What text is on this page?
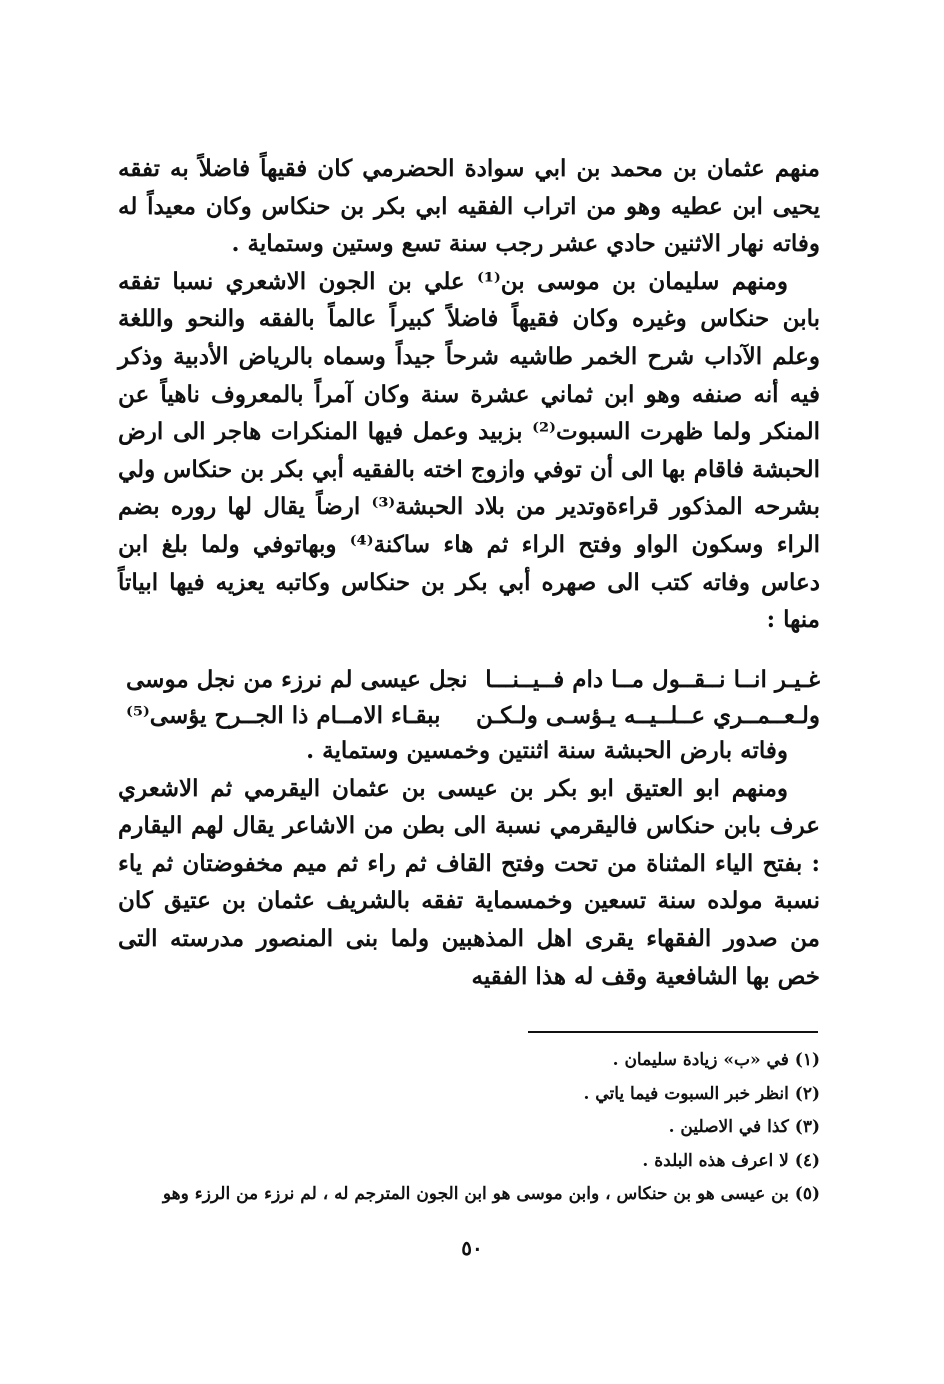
منهم عثمان بن محمد بن ابي سوادة الحضرمي كان فقيهاً فاضلاً به تفقه يحيى ابن عطيه وهو من اتراب الفقيه ابي بكر بن حنكاس وكان معيداً له وفاته نهار الاثنين حادي عشر رجب سنة تسع وستين وستماية .

ومنهم سليمان بن موسى بن⁽¹⁾ علي بن الجون الاشعري نسبا تفقه بابن حنكاس وغيره وكان فقيهاً فاضلاً كبيراً عالماً بالفقه والنحو واللغة وعلم الآداب شرح الخمر طاشيه شرحاً جيداً وسماه بالرياض الأدبية وذكر فيه أنه صنفه وهو ابن ثماني عشرة سنة وكان آمراً بالمعروف ناهياً عن المنكر ولما ظهرت السبوت⁽²⁾ بزبيد وعمل فيها المنكرات هاجر الى ارض الحبشة فاقام بها الى أن توفي وازوج اخته بالفقيه أبي بكر بن حنكاس ولي بشرحه المذكور قراءةوتدير من بلاد الحبشة⁽³⁾ ارضاً يقال لها روره بضم الراء وسكون الواو وفتح الراء ثم هاء ساكنة⁽⁴⁾ وبهاتوفي ولما بلغ ابن دعاس وفاته كتب الى صهره أبي بكر بن حنكاس وكاتبه يعزيه فيها ابياتاً منها :

غـيـر انــا نــقــول مــا دام فــيــنـــا
نجل عيسى لم نرزء من نجل موسى
ولـعــمــري عــلــيــه يـؤسـى ولـكـن
ببقـاء الامــام ذا الجــرح يؤسى⁽⁵⁾

وفاته بارض الحبشة سنة اثنتين وخمسين وستماية .

ومنهم ابو العتيق ابو بكر بن عيسى بن عثمان اليقرمي ثم الاشعري عرف بابن حنكاس فاليقرمي نسبة الى بطن من الاشاعر يقال لهم اليقارم : بفتح الياء المثناة من تحت وفتح القاف ثم راء ثم ميم مخفوضتان ثم ياء نسبة مولده سنة تسعين وخمسماية تفقه بالشريف عثمان بن عتيق كان من صدور الفقهاء يقرى اهل المذهبين ولما بنى المنصور مدرسته التى خص بها الشافعية وقف له هذا الفقيه

(١) في «ب» زيادة سليمان .
(٢) انظر خبر السبوت فيما ياتي .
(٣) كذا في الاصلين .
(٤) لا اعرف هذه البلدة .
(٥) بن عيسى هو بن حنكاس ، وابن موسى هو ابن الجون المترجم له ، لم نرزء من الرزء وهو
٥٠
